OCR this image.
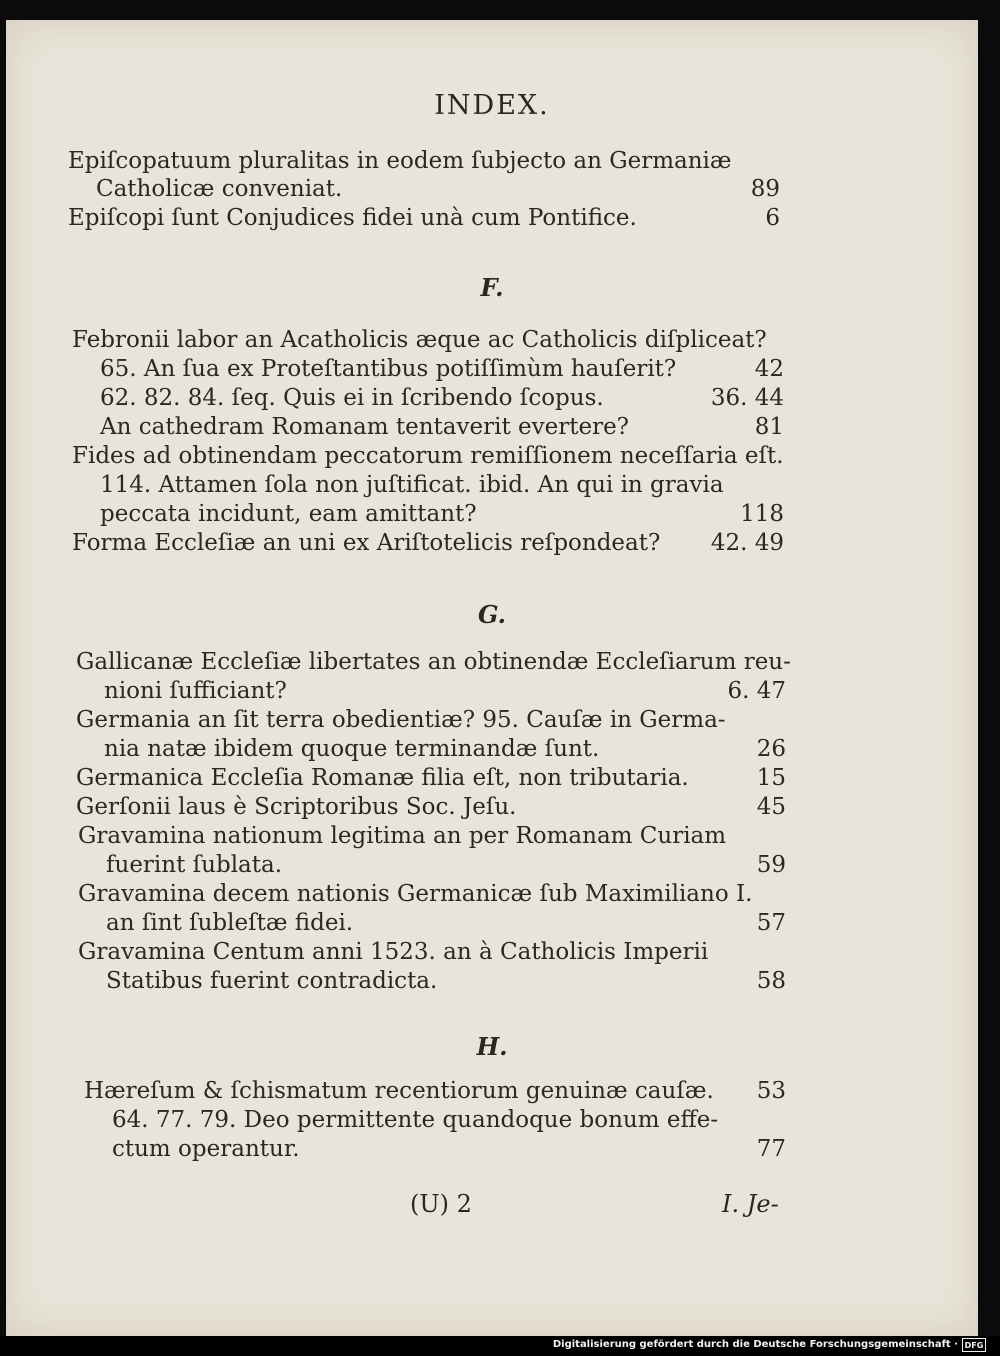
INDEX.
Epiſcopatuum pluralitas in eodem ſubjecto an Germaniæ
Catholicæ conveniat.	89
Epiſcopi ſunt Conjudices fidei unà cum Pontifice.	6
F.
Febronii labor an Acatholicis æque ac Catholicis diſpliceat?
65. An ſua ex Proteſtantibus potiſſimùm hauſerit?	42
62. 82. 84. ſeq. Quis ei in ſcribendo ſcopus.	36. 44
An cathedram Romanam tentaverit evertere?	81
Fides ad obtinendam peccatorum remiſſionem neceſſaria eſt.
114. Attamen ſola non juſtificat. ibid. An qui in gravia
peccata incidunt, eam amittant?	118
Forma Eccleſiæ an uni ex Ariſtotelicis reſpondeat?	42. 49
G.
Gallicanæ Eccleſiæ libertates an obtinendæ Eccleſiarum reu-
nioni ſufficiant?	6. 47
Germania an ſit terra obedientiæ? 95. Cauſæ in Germa-
nia natæ ibidem quoque terminandæ ſunt.	26
Germanica Eccleſia Romanæ filia eſt, non tributaria.	15
Gerſonii laus è Scriptoribus Soc. Jeſu.	45
Gravamina nationum legitima an per Romanam Curiam
fuerint ſublata.	59
Gravamina decem nationis Germanicæ ſub Maximiliano I.
an ſint ſubleſtæ fidei.	57
Gravamina Centum anni 1523. an à Catholicis Imperii
Statibus fuerint contradicta.	58
H.
Hæreſum & ſchismatum recentiorum genuinæ cauſæ.	53
64. 77. 79. Deo permittente quandoque bonum effe-
ctum operantur.	77
(U) 2	I. Je-
Digitalisierung gefördert durch die Deutsche Forschungsgemeinschaft · DFG
